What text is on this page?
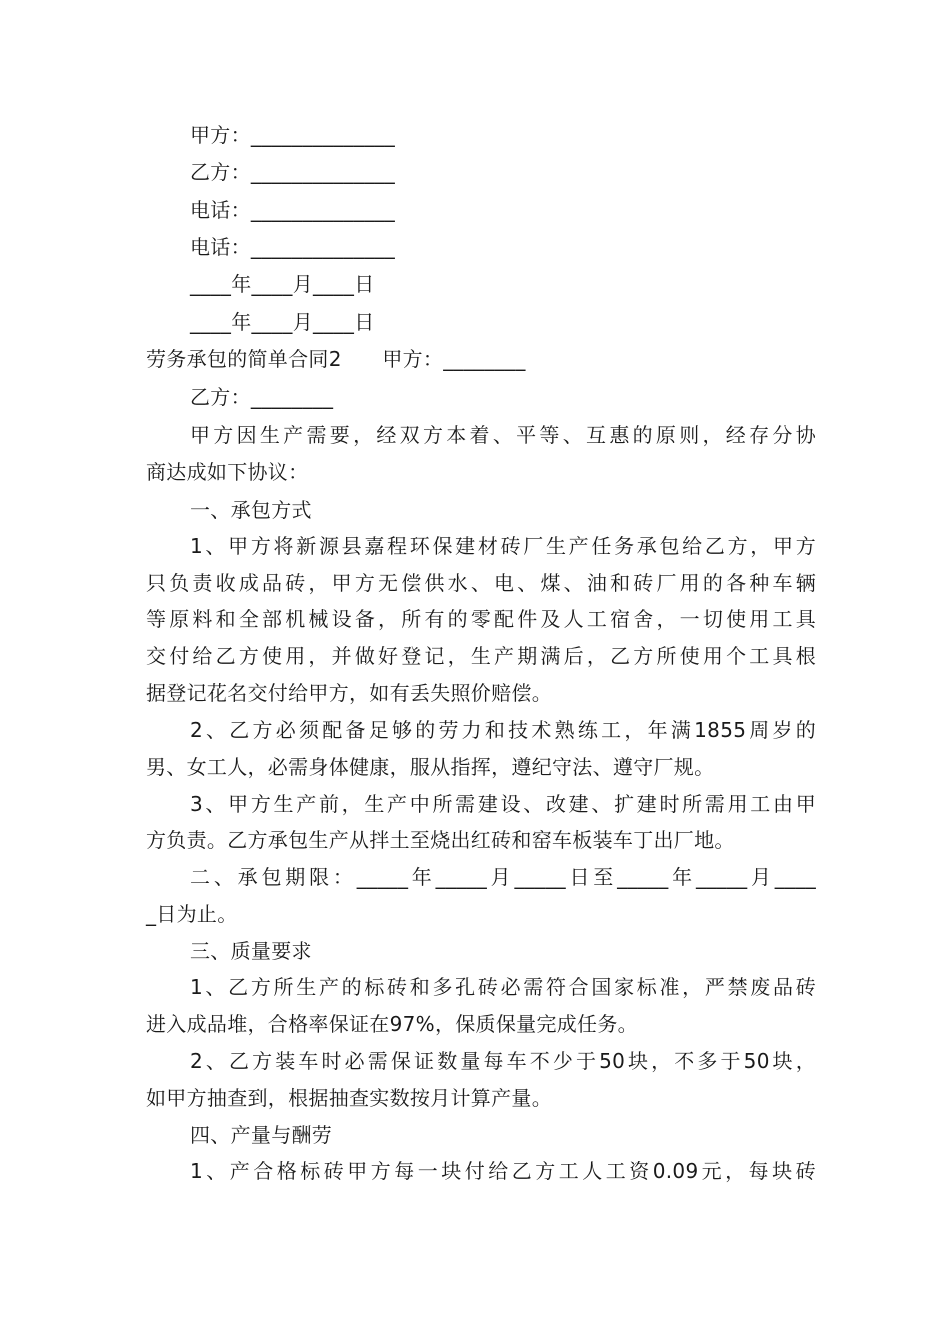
甲方：______________
乙方：______________
电话：______________
电话：______________
____年____月____日
____年____月____日
劳务承包的简单合同2　　甲方：________
乙方：________
甲方因生产需要，经双方本着、平等、互惠的原则，经存分协
商达成如下协议：
一、承包方式
1、甲方将新源县嘉程环保建材砖厂生产任务承包给乙方，甲方
只负责收成品砖，甲方无偿供水、电、煤、油和砖厂用的各种车辆
等原料和全部机械设备，所有的零配件及人工宿舍，一切使用工具
交付给乙方使用，并做好登记，生产期满后，乙方所使用个工具根
据登记花名交付给甲方，如有丢失照价赔偿。
2、乙方必须配备足够的劳力和技术熟练工，年满1855周岁的
男、女工人，必需身体健康，服从指挥，遵纪守法、遵守厂规。
3、甲方生产前，生产中所需建设、改建、扩建时所需用工由甲
方负责。乙方承包生产从拌土至烧出红砖和窑车板装车丁出厂地。
二、承包期限：_____年_____月_____日至_____年_____月____
_日为止。
三、质量要求
1、乙方所生产的标砖和多孔砖必需符合国家标准，严禁废品砖
进入成品堆，合格率保证在97%，保质保量完成任务。
2、乙方装车时必需保证数量每车不少于50块，不多于50块，
如甲方抽查到，根据抽查实数按月计算产量。
四、产量与酬劳
1、产合格标砖甲方每一块付给乙方工人工资0.09元，每块砖
